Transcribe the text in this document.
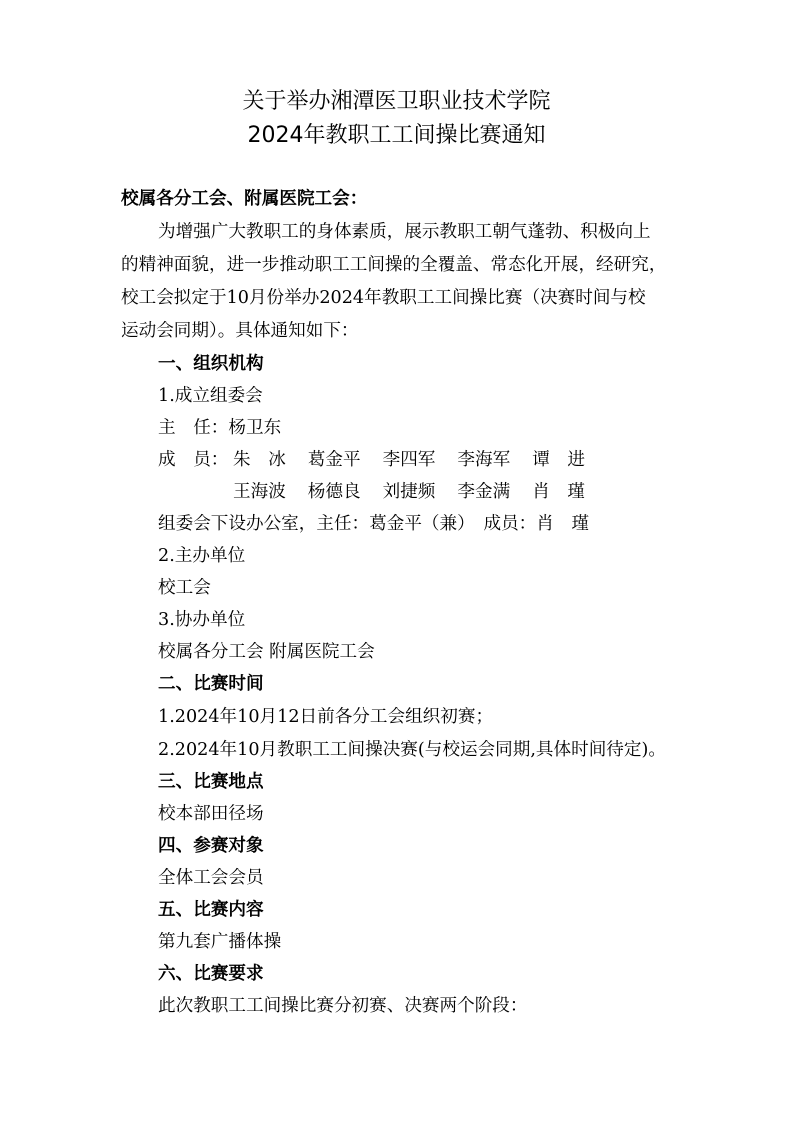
关于举办湘潭医卫职业技术学院
2024年教职工工间操比赛通知
校属各分工会、附属医院工会：
为增强广大教职工的身体素质，展示教职工朝气蓬勃、积极向上
的精神面貌，进一步推动职工工间操的全覆盖、常态化开展，经研究，
校工会拟定于10月份举办2024年教职工工间操比赛（决赛时间与校
运动会同期）。具体通知如下：
一、组织机构
1.成立组委会
主　任：杨卫东
成　员： 朱　冰 葛金平 李四军 李海军 谭　进
王海波 杨德良 刘捷频 李金满 肖　瑾
组委会下设办公室，主任：葛金平（兼）　成员：肖　瑾
2.主办单位
校工会
3.协办单位
校属各分工会 附属医院工会
二、比赛时间
1.2024年10月12日前各分工会组织初赛；
2.2024年10月教职工工间操决赛(与校运会同期,具体时间待定)。
三、比赛地点
校本部田径场
四、参赛对象
全体工会会员
五、比赛内容
第九套广播体操
六、比赛要求
此次教职工工间操比赛分初赛、决赛两个阶段：
